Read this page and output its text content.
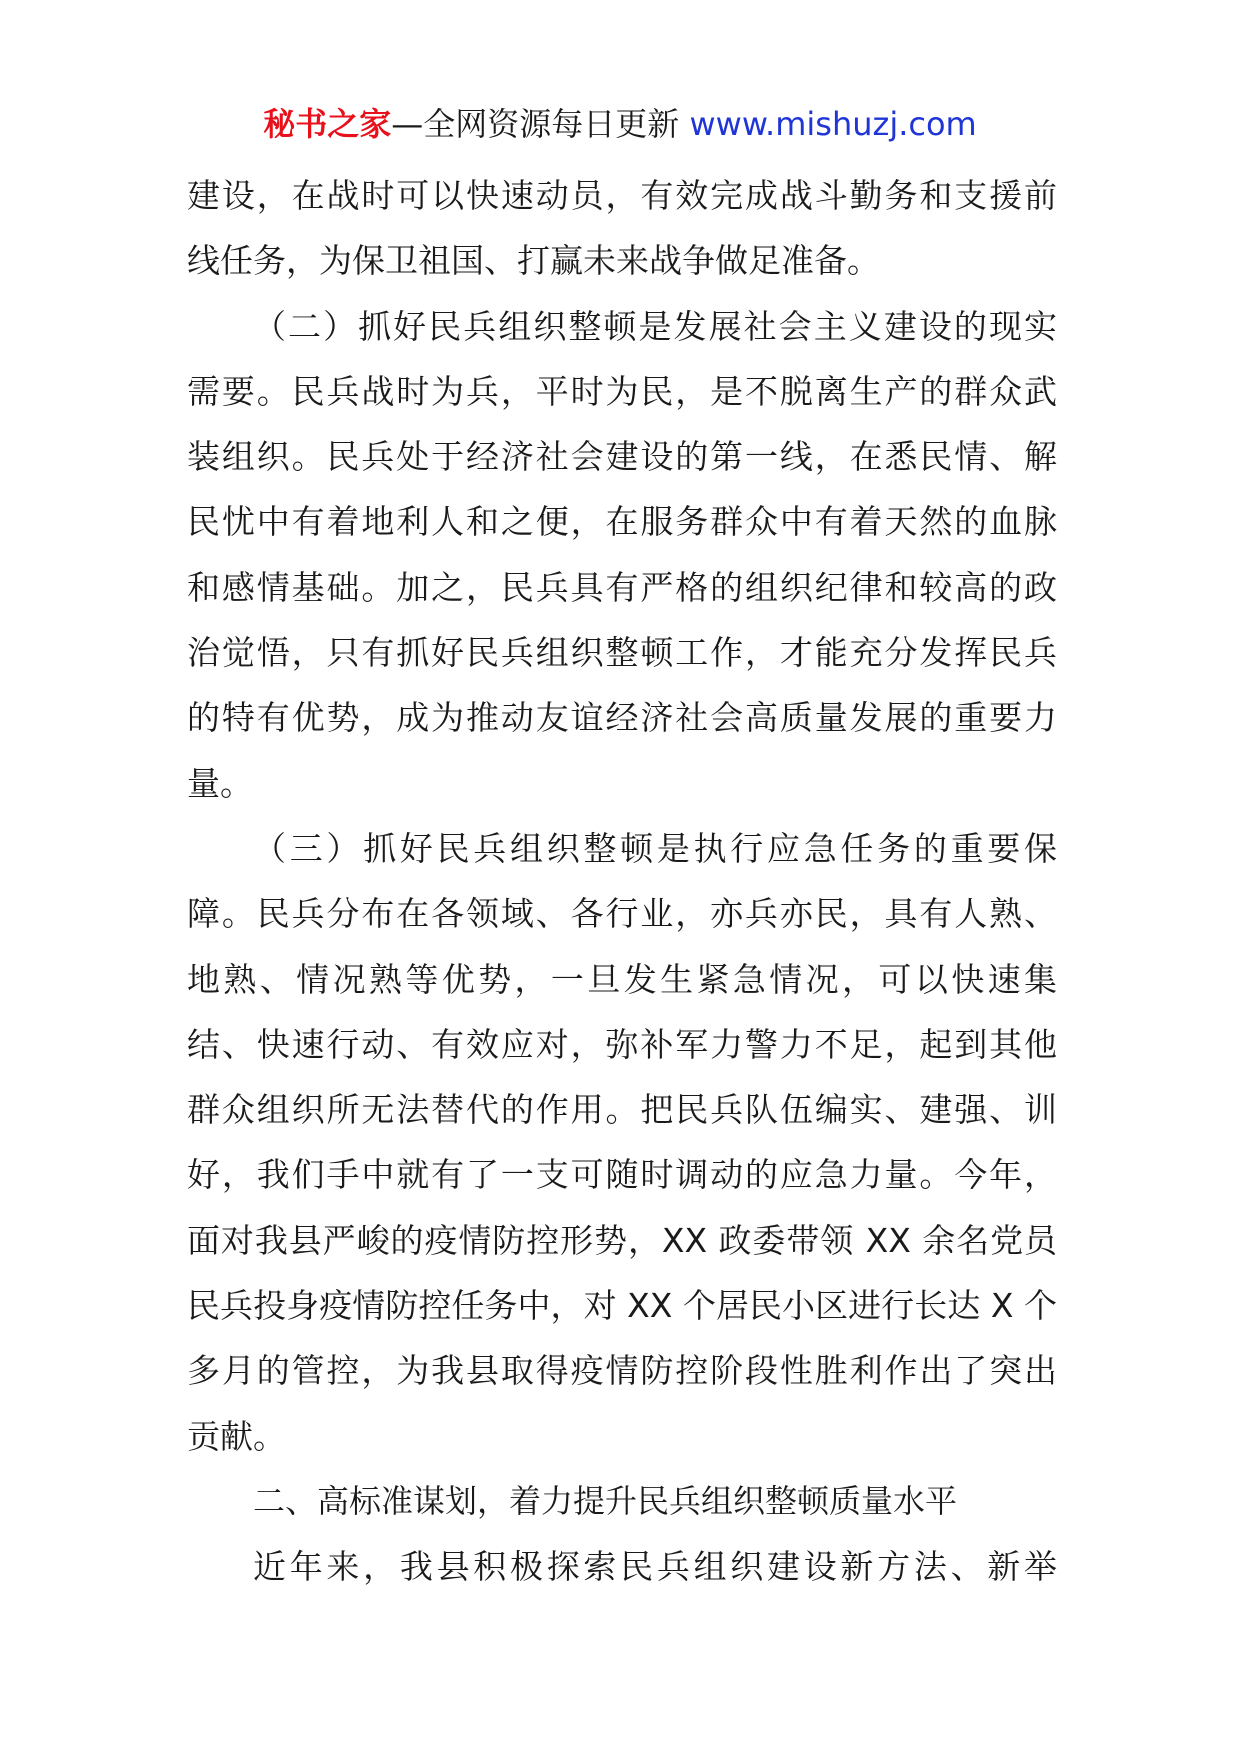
秘书之家—全网资源每日更新 www.mishuzj.com
建设，在战时可以快速动员，有效完成战斗勤务和支援前
线任务，为保卫祖国、打赢未来战争做足准备。
（二）抓好民兵组织整顿是发展社会主义建设的现实
需要。民兵战时为兵，平时为民，是不脱离生产的群众武
装组织。民兵处于经济社会建设的第一线，在悉民情、解
民忧中有着地利人和之便，在服务群众中有着天然的血脉
和感情基础。加之，民兵具有严格的组织纪律和较高的政
治觉悟，只有抓好民兵组织整顿工作，才能充分发挥民兵
的特有优势，成为推动友谊经济社会高质量发展的重要力
量。
（三）抓好民兵组织整顿是执行应急任务的重要保
障。民兵分布在各领域、各行业，亦兵亦民，具有人熟、
地熟、情况熟等优势，一旦发生紧急情况，可以快速集
结、快速行动、有效应对，弥补军力警力不足，起到其他
群众组织所无法替代的作用。把民兵队伍编实、建强、训
好，我们手中就有了一支可随时调动的应急力量。今年，
面对我县严峻的疫情防控形势，XX 政委带领 XX 余名党员
民兵投身疫情防控任务中，对 XX 个居民小区进行长达 X 个
多月的管控，为我县取得疫情防控阶段性胜利作出了突出
贡献。
二、高标准谋划，着力提升民兵组织整顿质量水平
近年来，我县积极探索民兵组织建设新方法、新举
